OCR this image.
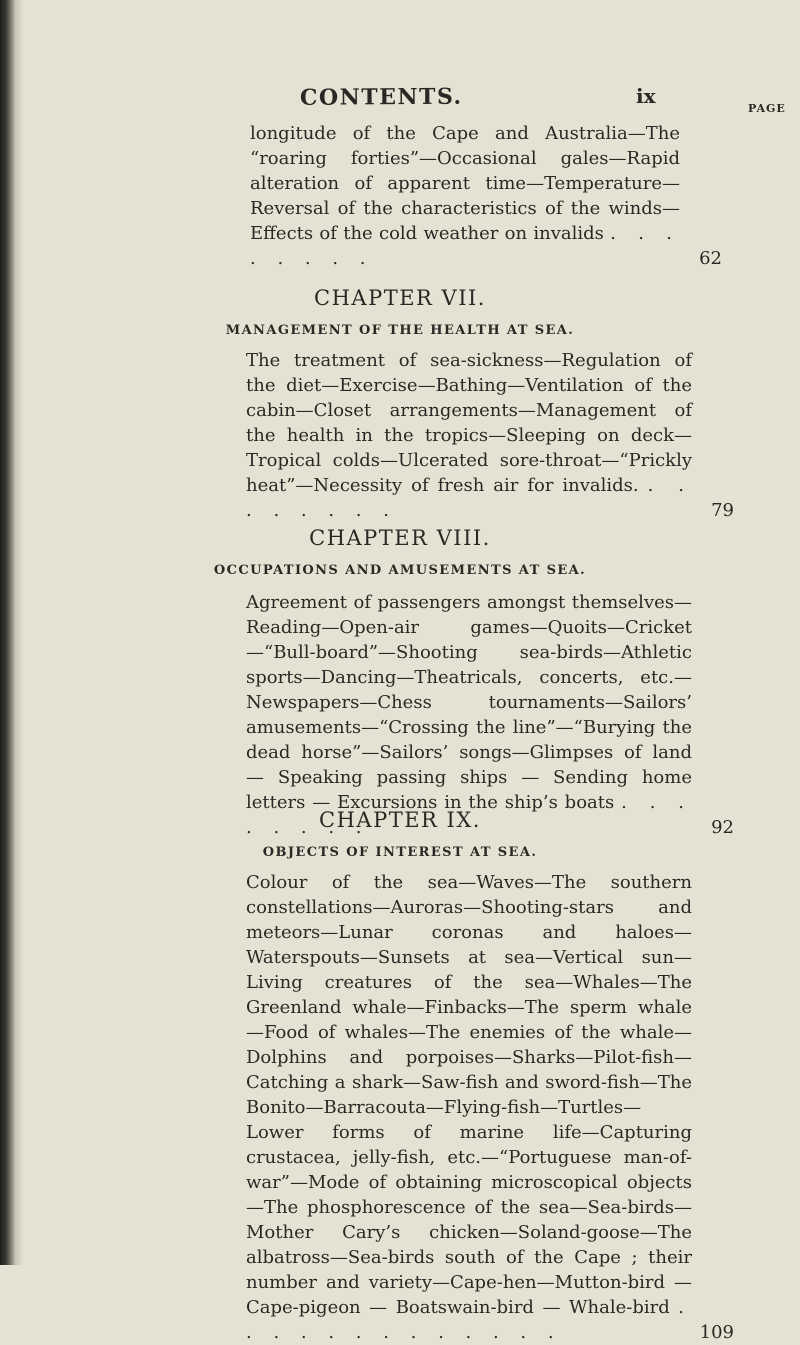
CONTENTS.	ix
PAGE
longitude of the Cape and Australia—The “roaring forties”—Occasional gales—Rapid alteration of apparent time—Temperature—Reversal of the characteristics of the winds—Effects of the cold weather on invalids . . . . . . . .	62
CHAPTER VII.
MANAGEMENT OF THE HEALTH AT SEA.
The treatment of sea-sickness—Regulation of the diet—Exercise—Bathing—Ventilation of the cabin—Closet arrangements—Management of the health in the tropics—Sleeping on deck—Tropical colds—Ulcerated sore-throat—“Prickly heat”—Necessity of fresh air for invalids. . . . . . . . .	79
CHAPTER VIII.
OCCUPATIONS AND AMUSEMENTS AT SEA.
Agreement of passengers amongst themselves—Reading—Open-air games—Quoits—Cricket—“Bull-board”—Shooting sea-birds—Athletic sports—Dancing—Theatricals, concerts, etc.—Newspapers—Chess tournaments—Sailors’ amusements—“Crossing the line”—“Burying the dead horse”—Sailors’ songs—Glimpses of land — Speaking passing ships — Sending home letters — Excursions in the ship’s boats . . . . . . . .	92
CHAPTER IX.
OBJECTS OF INTEREST AT SEA.
Colour of the sea—Waves—The southern constellations—Auroras—Shooting-stars and meteors—Lunar coronas and haloes—Waterspouts—Sunsets at sea—Vertical sun—Living creatures of the sea—Whales—The Greenland whale—Finbacks—The sperm whale—Food of whales—The enemies of the whale—Dolphins and porpoises—Sharks—Pilot-fish—Catching a shark—Saw-fish and sword-fish—The Bonito—Barracouta—Flying-fish—Turtles—Lower forms of marine life—Capturing crustacea, jelly-fish, etc.—“Portuguese man-of-war”—Mode of obtaining microscopical objects—The phosphorescence of the sea—Sea-birds—Mother Cary’s chicken—Soland-goose—The albatross—Sea-birds south of the Cape ; their number and variety—Cape-hen—Mutton-bird — Cape-pigeon — Boatswain-bird — Whale-bird . . . . . . . . . . . . .	109
